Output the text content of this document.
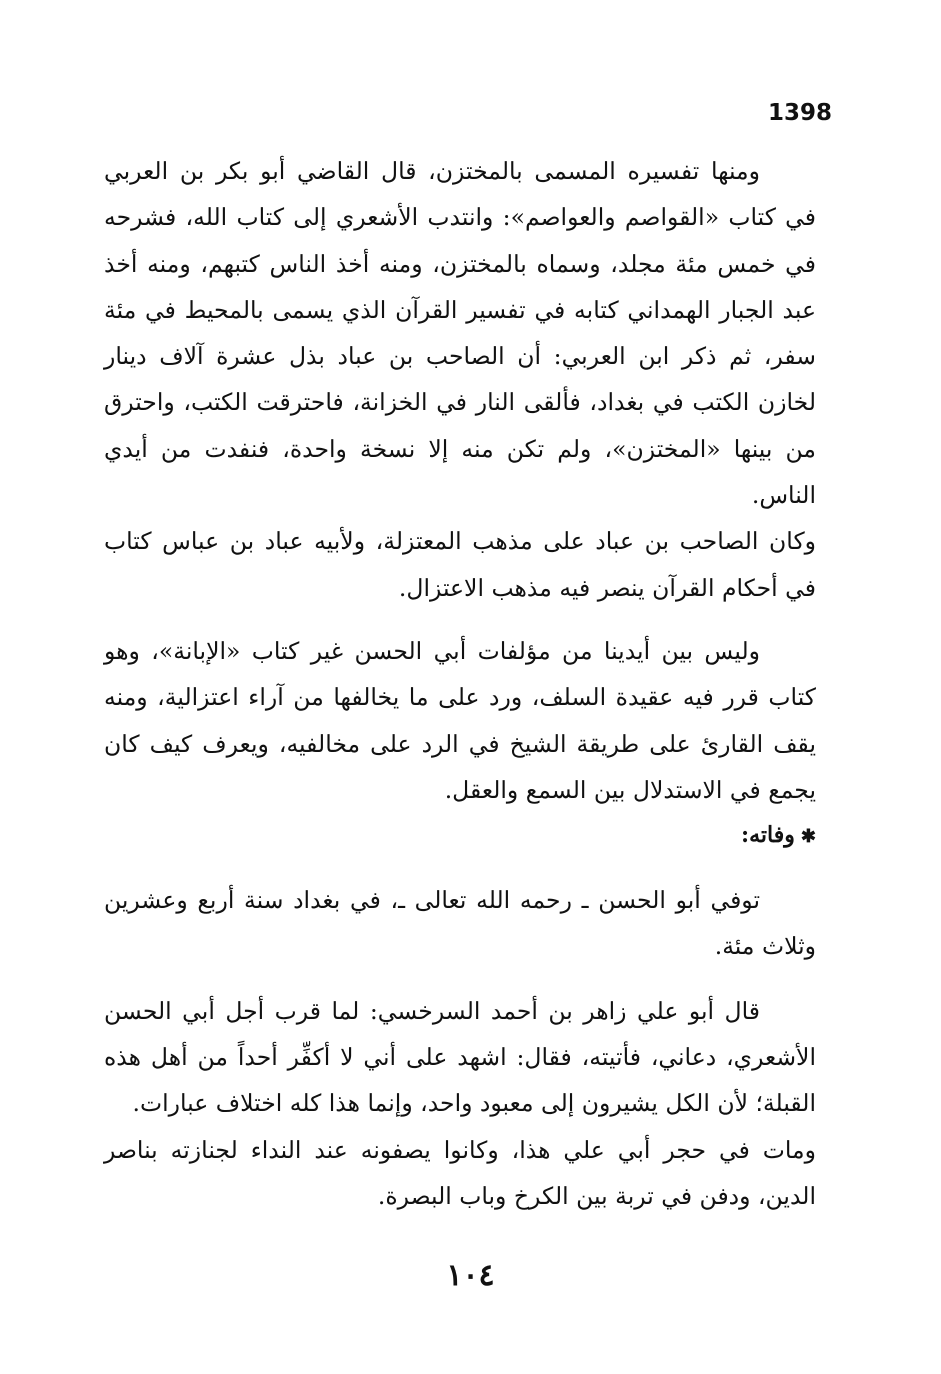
1398

ومنها تفسيره المسمى بالمختزن، قال القاضي أبو بكر بن العربي في كتاب «القواصم والعواصم»: وانتدب الأشعري إلى كتاب الله، فشرحه في خمس مئة مجلد، وسماه بالمختزن، ومنه أخذ الناس كتبهم، ومنه أخذ عبد الجبار الهمداني كتابه في تفسير القرآن الذي يسمى بالمحيط في مئة سفر، ثم ذكر ابن العربي: أن الصاحب بن عباد بذل عشرة آلاف دينار لخازن الكتب في بغداد، فألقى النار في الخزانة، فاحترقت الكتب، واحترق من بينها «المختزن»، ولم تكن منه إلا نسخة واحدة، فنفدت من أيدي الناس.

وكان الصاحب بن عباد على مذهب المعتزلة، ولأبيه عباد بن عباس كتاب في أحكام القرآن ينصر فيه مذهب الاعتزال.

وليس بين أيدينا من مؤلفات أبي الحسن غير كتاب «الإبانة»، وهو كتاب قرر فيه عقيدة السلف، ورد على ما يخالفها من آراء اعتزالية، ومنه يقف القارئ على طريقة الشيخ في الرد على مخالفيه، ويعرف كيف كان يجمع في الاستدلال بين السمع والعقل.

✱وفاته:

توفي أبو الحسن ـ رحمه الله تعالى ـ، في بغداد سنة أربع وعشرين وثلاث مئة.

قال أبو علي زاهر بن أحمد السرخسي: لما قرب أجل أبي الحسن الأشعري، دعاني، فأتيته، فقال: اشهد على أني لا أكفِّر أحداً من أهل هذه القبلة؛ لأن الكل يشيرون إلى معبود واحد، وإنما هذا كله اختلاف عبارات.

ومات في حجر أبي علي هذا، وكانوا يصفونه عند النداء لجنازته بناصر الدين، ودفن في تربة بين الكرخ وباب البصرة.

١٠٤
